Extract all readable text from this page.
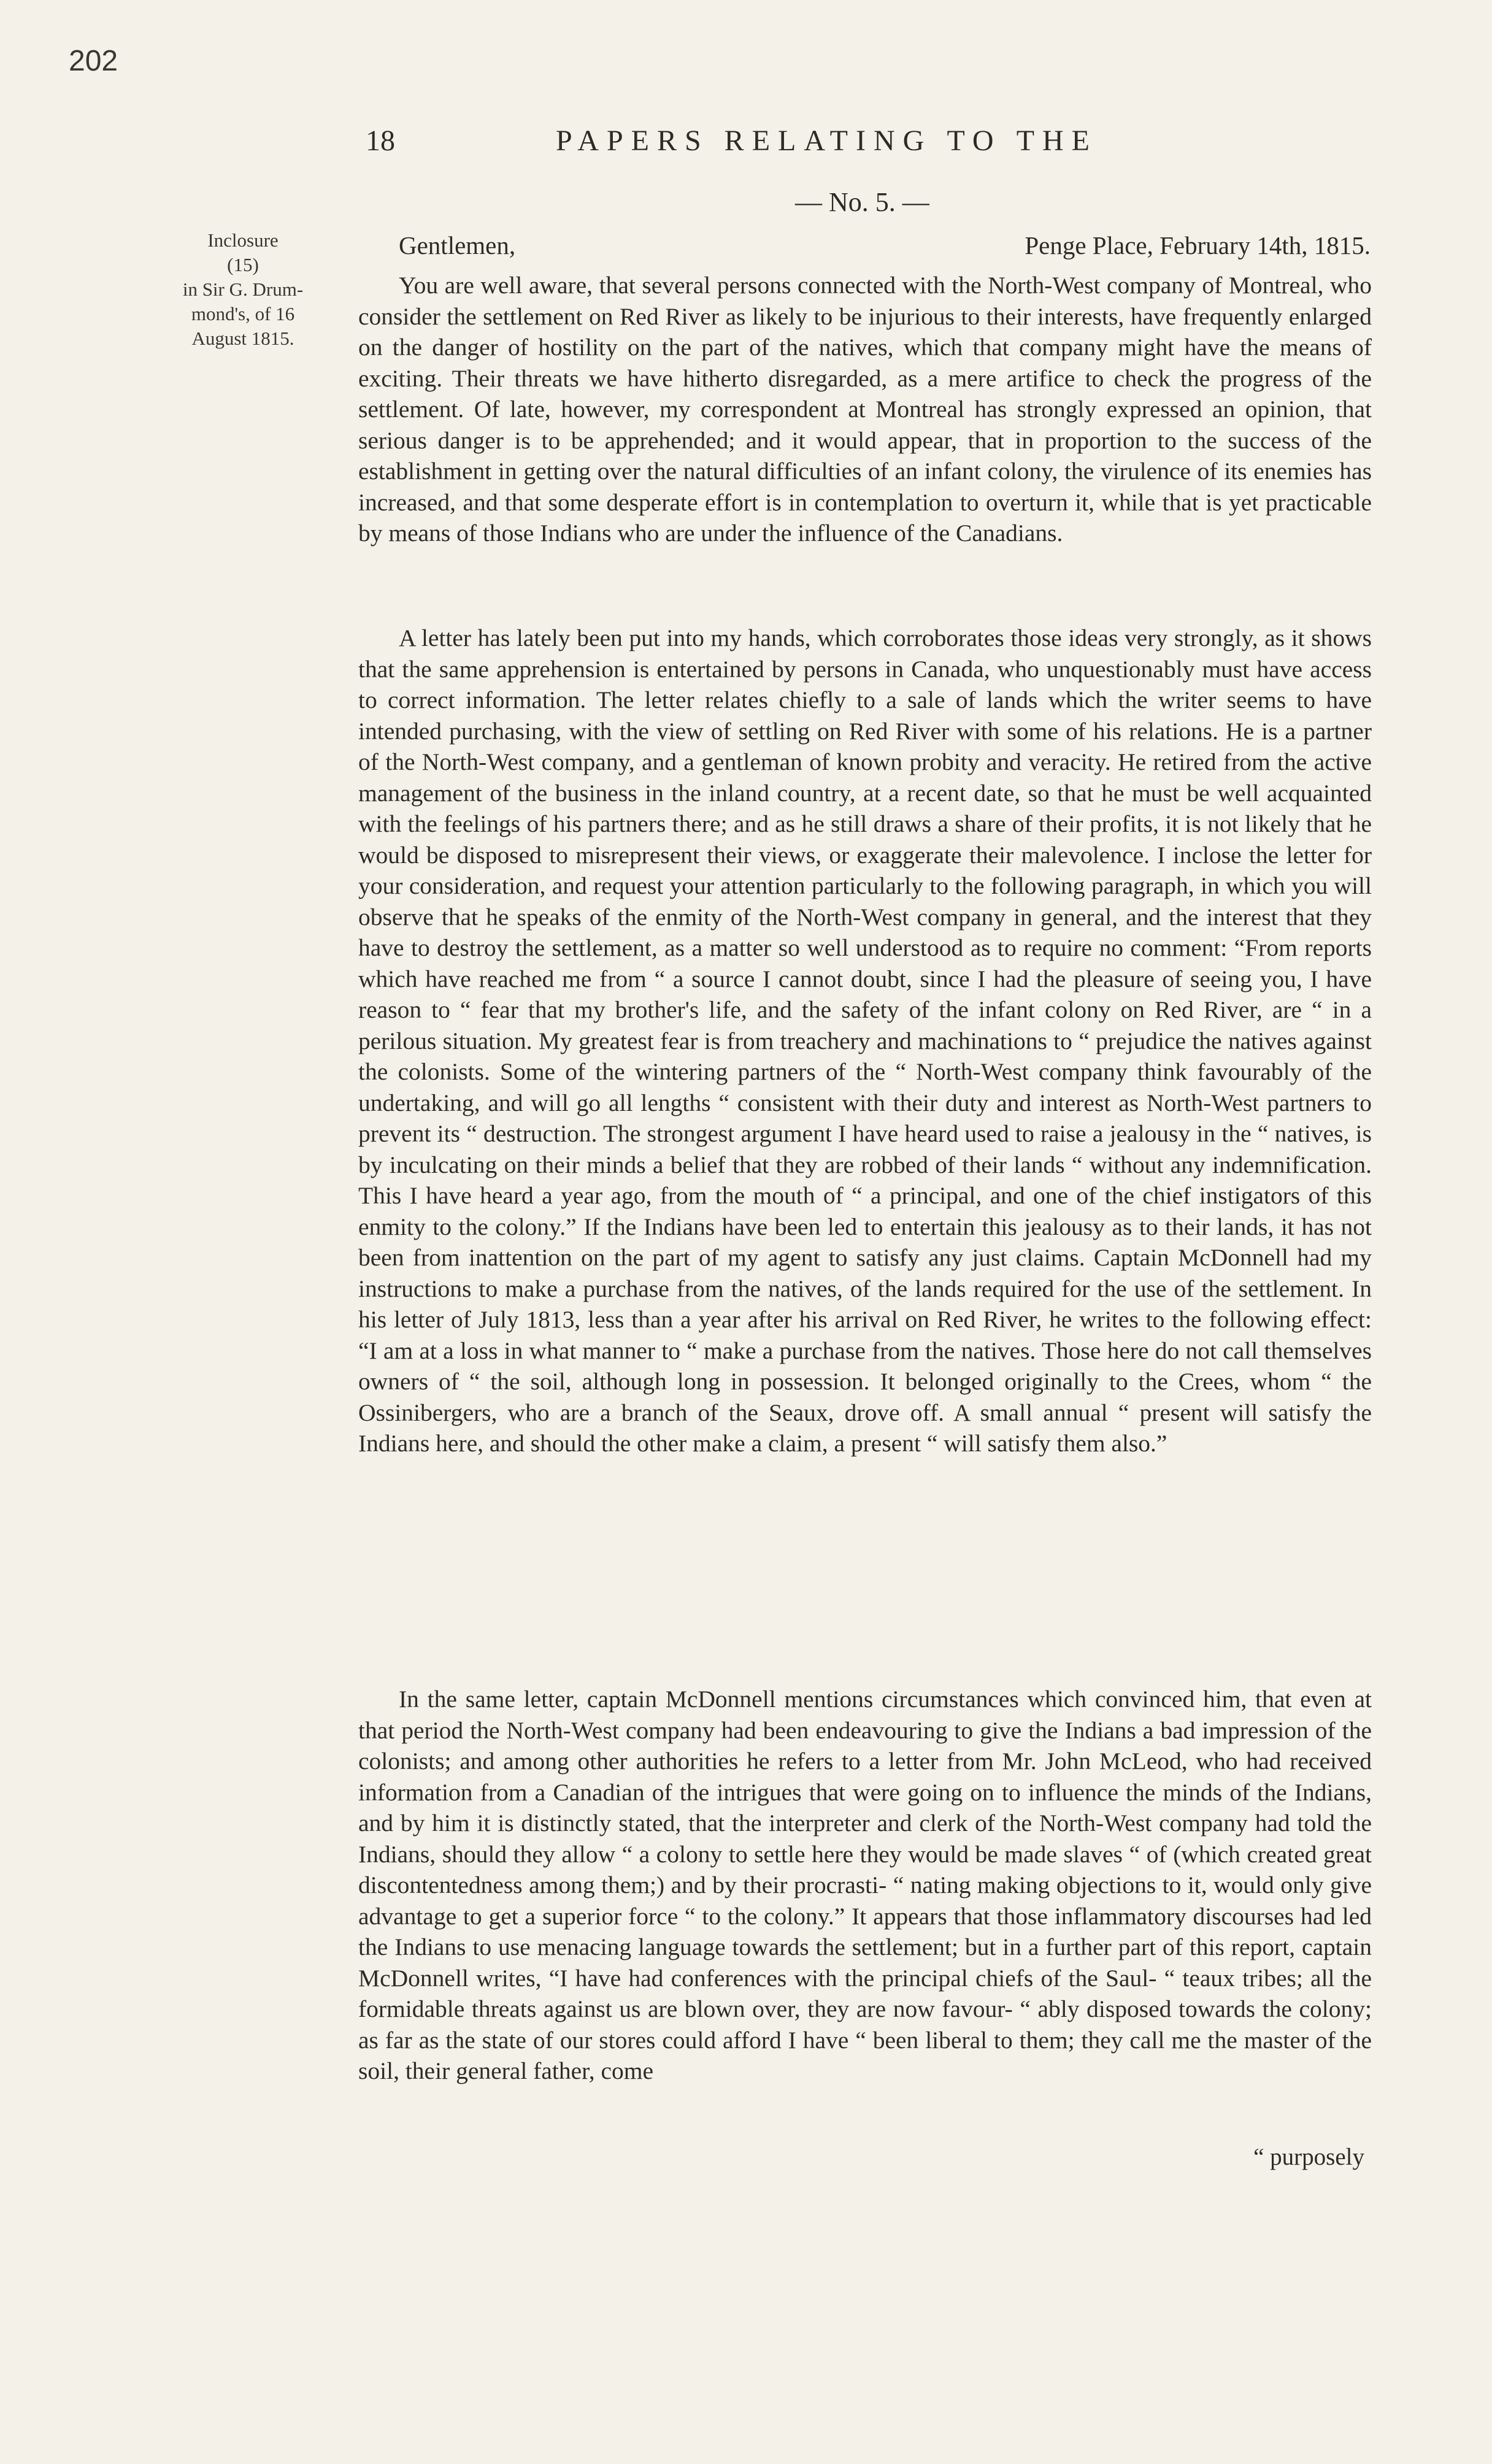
202
18	PAPERS RELATING TO THE
Inclosure
(15)
in Sir G. Drum-
mond's, of 16
August 1815.
— No. 5. —
Gentlemen,	Penge Place, February 14th, 1815.

You are well aware, that several persons connected with the North-West company of Montreal, who consider the settlement on Red River as likely to be injurious to their interests, have frequently enlarged on the danger of hostility on the part of the natives, which that company might have the means of exciting. Their threats we have hitherto disregarded, as a mere artifice to check the progress of the settlement. Of late, however, my correspondent at Montreal has strongly expressed an opinion, that serious danger is to be apprehended; and it would appear, that in proportion to the success of the establishment in getting over the natural difficulties of an infant colony, the virulence of its enemies has increased, and that some desperate effort is in contemplation to overturn it, while that is yet practicable by means of those Indians who are under the influence of the Canadians.

A letter has lately been put into my hands, which corroborates those ideas very strongly, as it shows that the same apprehension is entertained by persons in Canada, who unquestionably must have access to correct information. The letter relates chiefly to a sale of lands which the writer seems to have intended purchasing, with the view of settling on Red River with some of his relations. He is a partner of the North-West company, and a gentleman of known probity and veracity. He retired from the active management of the business in the inland country, at a recent date, so that he must be well acquainted with the feelings of his partners there; and as he still draws a share of their profits, it is not likely that he would be disposed to misrepresent their views, or exaggerate their malevolence. I inclose the letter for your consideration, and request your attention particularly to the following paragraph, in which you will observe that he speaks of the enmity of the North-West company in general, and the interest that they have to destroy the settlement, as a matter so well understood as to require no comment: “From reports which have reached me from “ a source I cannot doubt, since I had the pleasure of seeing you, I have reason to “ fear that my brother's life, and the safety of the infant colony on Red River, are “ in a perilous situation. My greatest fear is from treachery and machinations to “ prejudice the natives against the colonists. Some of the wintering partners of the “ North-West company think favourably of the undertaking, and will go all lengths “ consistent with their duty and interest as North-West partners to prevent its “ destruction. The strongest argument I have heard used to raise a jealousy in the “ natives, is by inculcating on their minds a belief that they are robbed of their lands “ without any indemnification. This I have heard a year ago, from the mouth of “ a principal, and one of the chief instigators of this enmity to the colony.” If the Indians have been led to entertain this jealousy as to their lands, it has not been from inattention on the part of my agent to satisfy any just claims. Captain McDonnell had my instructions to make a purchase from the natives, of the lands required for the use of the settlement. In his letter of July 1813, less than a year after his arrival on Red River, he writes to the following effect: “I am at a loss in what manner to “ make a purchase from the natives. Those here do not call themselves owners of “ the soil, although long in possession. It belonged originally to the Crees, whom “ the Ossinibergers, who are a branch of the Seaux, drove off. A small annual “ present will satisfy the Indians here, and should the other make a claim, a present “ will satisfy them also.”

In the same letter, captain McDonnell mentions circumstances which convinced him, that even at that period the North-West company had been endeavouring to give the Indians a bad impression of the colonists; and among other authorities he refers to a letter from Mr. John McLeod, who had received information from a Canadian of the intrigues that were going on to influence the minds of the Indians, and by him it is distinctly stated, that the interpreter and clerk of the North-West company had told the Indians, should they allow “ a colony to settle here they would be made slaves “ of (which created great discontentedness among them;) and by their procrasti- “ nating making objections to it, would only give advantage to get a superior force “ to the colony.” It appears that those inflammatory discourses had led the Indians to use menacing language towards the settlement; but in a further part of this report, captain McDonnell writes, “I have had conferences with the principal chiefs of the Saul- “ teaux tribes; all the formidable threats against us are blown over, they are now favour- “ ably disposed towards the colony; as far as the state of our stores could afford I have “ been liberal to them; they call me the master of the soil, their general father, come

“ purposely
